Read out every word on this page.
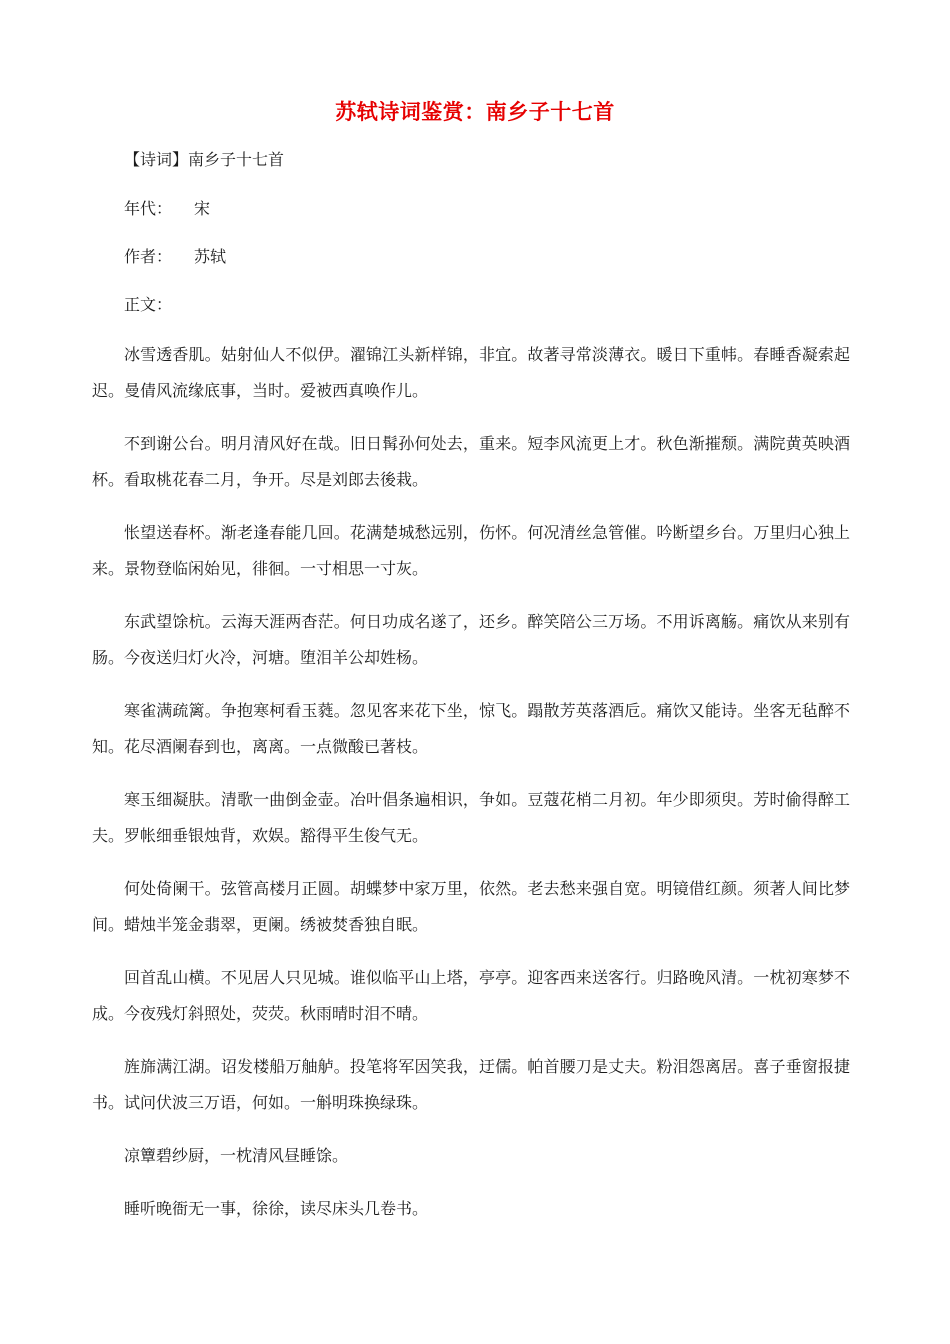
苏轼诗词鉴赏：南乡子十七首

【诗词】南乡子十七首

年代： 宋

作者： 苏轼

正文：

冰雪透香肌。姑射仙人不似伊。濯锦江头新样锦，非宜。故著寻常淡薄衣。暖日下重帏。春睡香凝索起迟。曼倩风流缘底事，当时。爱被西真唤作儿。

不到谢公台。明月清风好在哉。旧日髯孙何处去，重来。短李风流更上才。秋色渐摧颓。满院黄英映酒杯。看取桃花春二月，争开。尽是刘郎去後栽。

怅望送春杯。渐老逢春能几回。花满楚城愁远别，伤怀。何况清丝急管催。吟断望乡台。万里归心独上来。景物登临闲始见，徘徊。一寸相思一寸灰。

东武望馀杭。云海天涯两杳茫。何日功成名遂了，还乡。醉笑陪公三万场。不用诉离觞。痛饮从来别有肠。今夜送归灯火冷，河塘。堕泪羊公却姓杨。

寒雀满疏篱。争抱寒柯看玉蕤。忽见客来花下坐，惊飞。蹋散芳英落酒卮。痛饮又能诗。坐客无毡醉不知。花尽酒阑春到也，离离。一点微酸已著枝。

寒玉细凝肤。清歌一曲倒金壶。冶叶倡条遍相识，争如。豆蔻花梢二月初。年少即须臾。芳时偷得醉工夫。罗帐细垂银烛背，欢娱。豁得平生俊气无。

何处倚阑干。弦管高楼月正圆。胡蝶梦中家万里，依然。老去愁来强自宽。明镜借红颜。须著人间比梦间。蜡烛半笼金翡翠，更阑。绣被焚香独自眠。

回首乱山横。不见居人只见城。谁似临平山上塔，亭亭。迎客西来送客行。归路晚风清。一枕初寒梦不成。今夜残灯斜照处，荧荧。秋雨晴时泪不晴。

旌旆满江湖。诏发楼船万舳舻。投笔将军因笑我，迂儒。帕首腰刀是丈夫。粉泪怨离居。喜子垂窗报捷书。试问伏波三万语，何如。一斛明珠换绿珠。

凉簟碧纱厨，一枕清风昼睡馀。

睡听晚衙无一事，徐徐，读尽床头几卷书。
